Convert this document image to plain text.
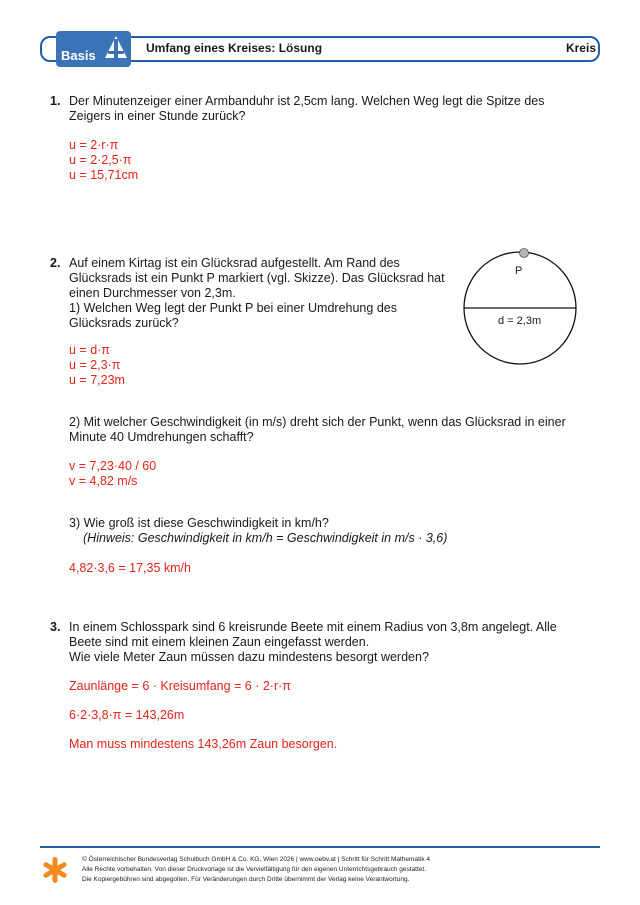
Basis	Umfang eines Kreises: Lösung	Kreis
1. Der Minutenzeiger einer Armbanduhr ist 2,5cm lang. Welchen Weg legt die Spitze des
Zeigers in einer Stunde zurück?
u = 2·r·π
u = 2·2,5·π
u = 15,71cm
2. Auf einem Kirtag ist ein Glücksrad aufgestellt. Am Rand des
Glücksrads ist ein Punkt P markiert (vgl. Skizze). Das Glücksrad hat
einen Durchmesser von 2,3m.
1) Welchen Weg legt der Punkt P bei einer Umdrehung des
Glücksrads zurück?
u = d·π
u = 2,3·π
u = 7,23m
2) Mit welcher Geschwindigkeit (in m/s) dreht sich der Punkt, wenn das Glücksrad in einer
Minute 40 Umdrehungen schafft?
v = 7,23·40 / 60
v = 4,82 m/s
3) Wie groß ist diese Geschwindigkeit in km/h?
(Hinweis: Geschwindigkeit in km/h = Geschwindigkeit in m/s · 3,6)
4,82·3,6 = 17,35 km/h
P
d = 2,3m
3. In einem Schlosspark sind 6 kreisrunde Beete mit einem Radius von 3,8m angelegt. Alle
Beete sind mit einem kleinen Zaun eingefasst werden.
Wie viele Meter Zaun müssen dazu mindestens besorgt werden?
Zaunlänge = 6 · Kreisumfang = 6 · 2·r·π
6·2·3,8·π = 143,26m
Man muss mindestens 143,26m Zaun besorgen.
© Österreichischer Bundesverlag Schulbuch GmbH & Co. KG, Wien 2026 | www.oebv.at | Schritt für Schritt Mathematik 4
Alle Rechte vorbehalten. Von dieser Druckvorlage ist die Vervielfältigung für den eigenen Unterrichtsgebrauch gestattet.
Die Kopiergebühren sind abgegolten. Für Veränderungen durch Dritte übernimmt der Verlag keine Verantwortung.
